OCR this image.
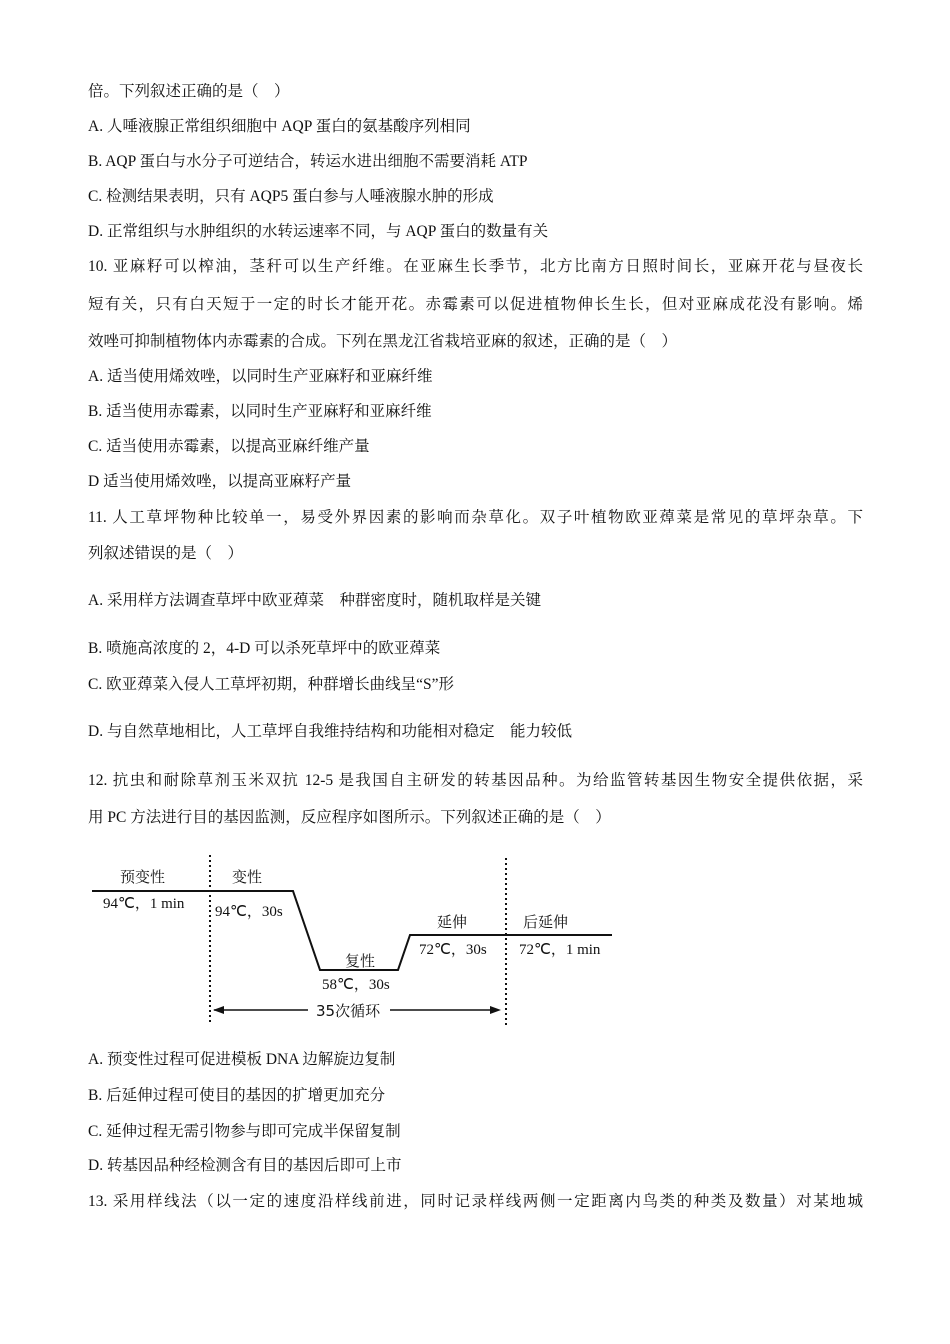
倍。下列叙述正确的是（　）
A. 人唾液腺正常组织细胞中 AQP 蛋白的氨基酸序列相同
B. AQP 蛋白与水分子可逆结合，转运水进出细胞不需要消耗 ATP
C. 检测结果表明，只有 AQP5 蛋白参与人唾液腺水肿的形成
D. 正常组织与水肿组织的水转运速率不同，与 AQP 蛋白的数量有关
10. 亚麻籽可以榨油，茎秆可以生产纤维。在亚麻生长季节，北方比南方日照时间长，亚麻开花与昼夜长
短有关，只有白天短于一定的时长才能开花。赤霉素可以促进植物伸长生长，但对亚麻成花没有影响。烯
效唑可抑制植物体内赤霉素的合成。下列在黑龙江省栽培亚麻的叙述，正确的是（　）
A. 适当使用烯效唑，以同时生产亚麻籽和亚麻纤维
B. 适当使用赤霉素，以同时生产亚麻籽和亚麻纤维
C. 适当使用赤霉素，以提高亚麻纤维产量
D 适当使用烯效唑，以提高亚麻籽产量
11. 人工草坪物种比较单一，易受外界因素的影响而杂草化。双子叶植物欧亚蔊菜是常见的草坪杂草。下
列叙述错误的是（　）
A. 采用样方法调查草坪中欧亚蔊菜　种群密度时，随机取样是关键
B. 喷施高浓度的 2，4-D 可以杀死草坪中的欧亚蔊菜
C. 欧亚蔊菜入侵人工草坪初期，种群增长曲线呈“S”形
D. 与自然草地相比，人工草坪自我维持结构和功能相对稳定　能力较低
12. 抗虫和耐除草剂玉米双抗 12-5 是我国自主研发的转基因品种。为给监管转基因生物安全提供依据，采
用 PC 方法进行目的基因监测，反应程序如图所示。下列叙述正确的是（　）
预变性
94℃，1 min
变性
94℃，30s
复性
58℃，30s
延伸
72℃，30s
后延伸
72℃，1 min
35次循环
A. 预变性过程可促进模板 DNA 边解旋边复制
B. 后延伸过程可使目的基因的扩增更加充分
C. 延伸过程无需引物参与即可完成半保留复制
D. 转基因品种经检测含有目的基因后即可上市
13. 采用样线法（以一定的速度沿样线前进，同时记录样线两侧一定距离内鸟类的种类及数量）对某地城
